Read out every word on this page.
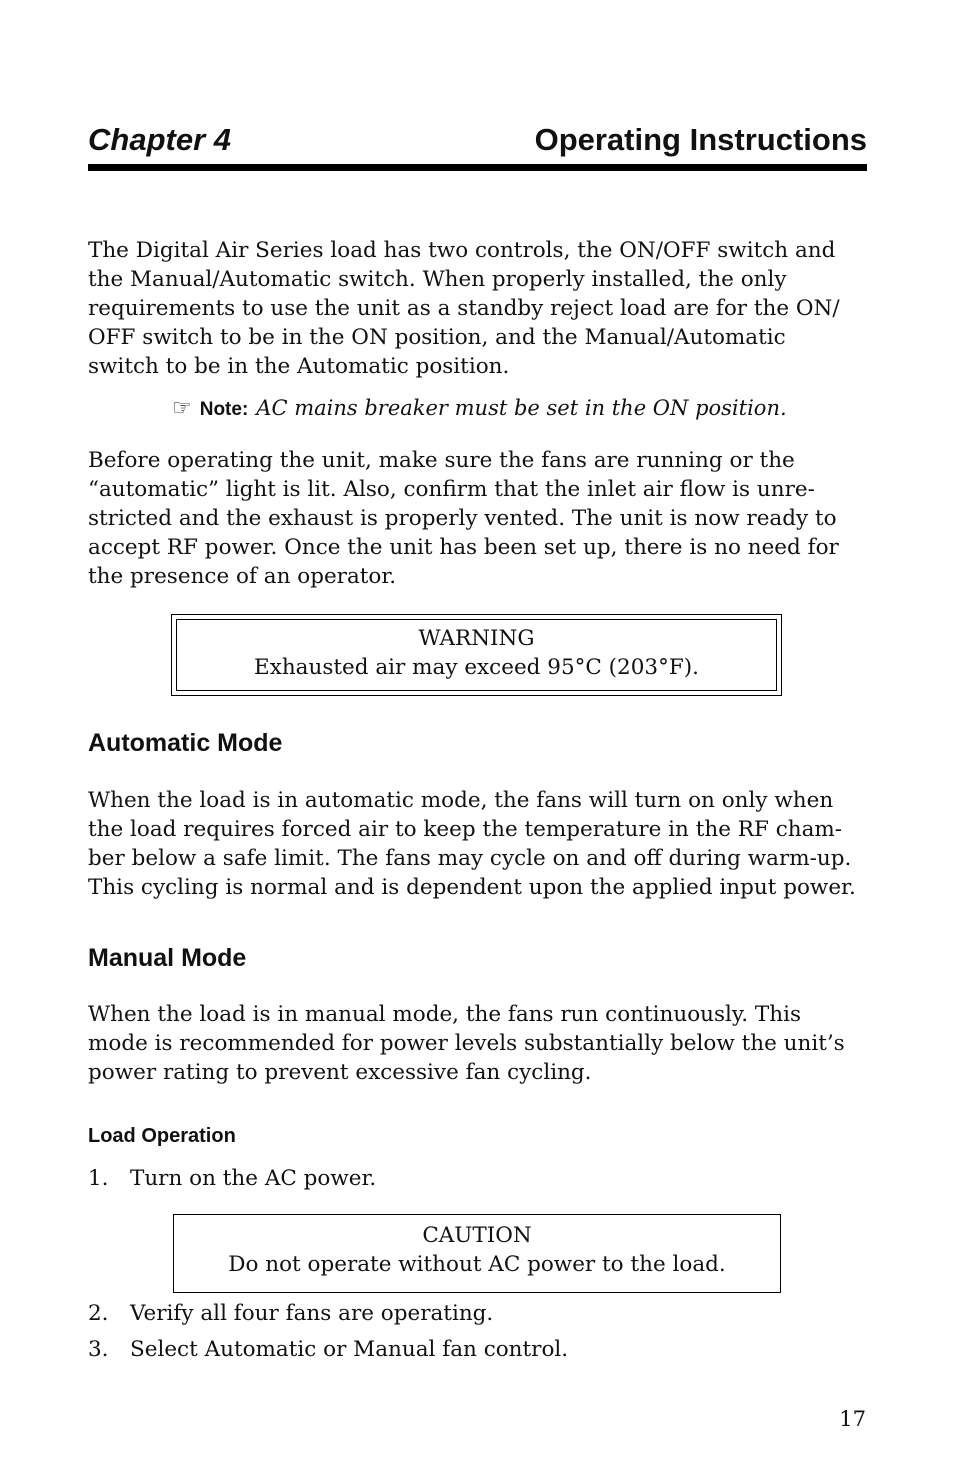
Chapter 4	Operating Instructions

The Digital Air Series load has two controls, the ON/OFF switch and
the Manual/Automatic switch. When properly installed, the only
requirements to use the unit as a standby reject load are for the ON/
OFF switch to be in the ON position, and the Manual/Automatic
switch to be in the Automatic position.

☞ Note: AC mains breaker must be set in the ON position.

Before operating the unit, make sure the fans are running or the
“automatic” light is lit. Also, confirm that the inlet air flow is unre-
stricted and the exhaust is properly vented. The unit is now ready to
accept RF power. Once the unit has been set up, there is no need for
the presence of an operator.

WARNING
Exhausted air may exceed 95°C (203°F).
Automatic Mode

When the load is in automatic mode, the fans will turn on only when
the load requires forced air to keep the temperature in the RF cham-
ber below a safe limit. The fans may cycle on and off during warm-up.
This cycling is normal and is dependent upon the applied input power.

Manual Mode

When the load is in manual mode, the fans run continuously. This
mode is recommended for power levels substantially below the unit’s
power rating to prevent excessive fan cycling.

Load Operation
1. Turn on the AC power.
CAUTION
Do not operate without AC power to the load.
2. Verify all four fans are operating.
3. Select Automatic or Manual fan control.
17
